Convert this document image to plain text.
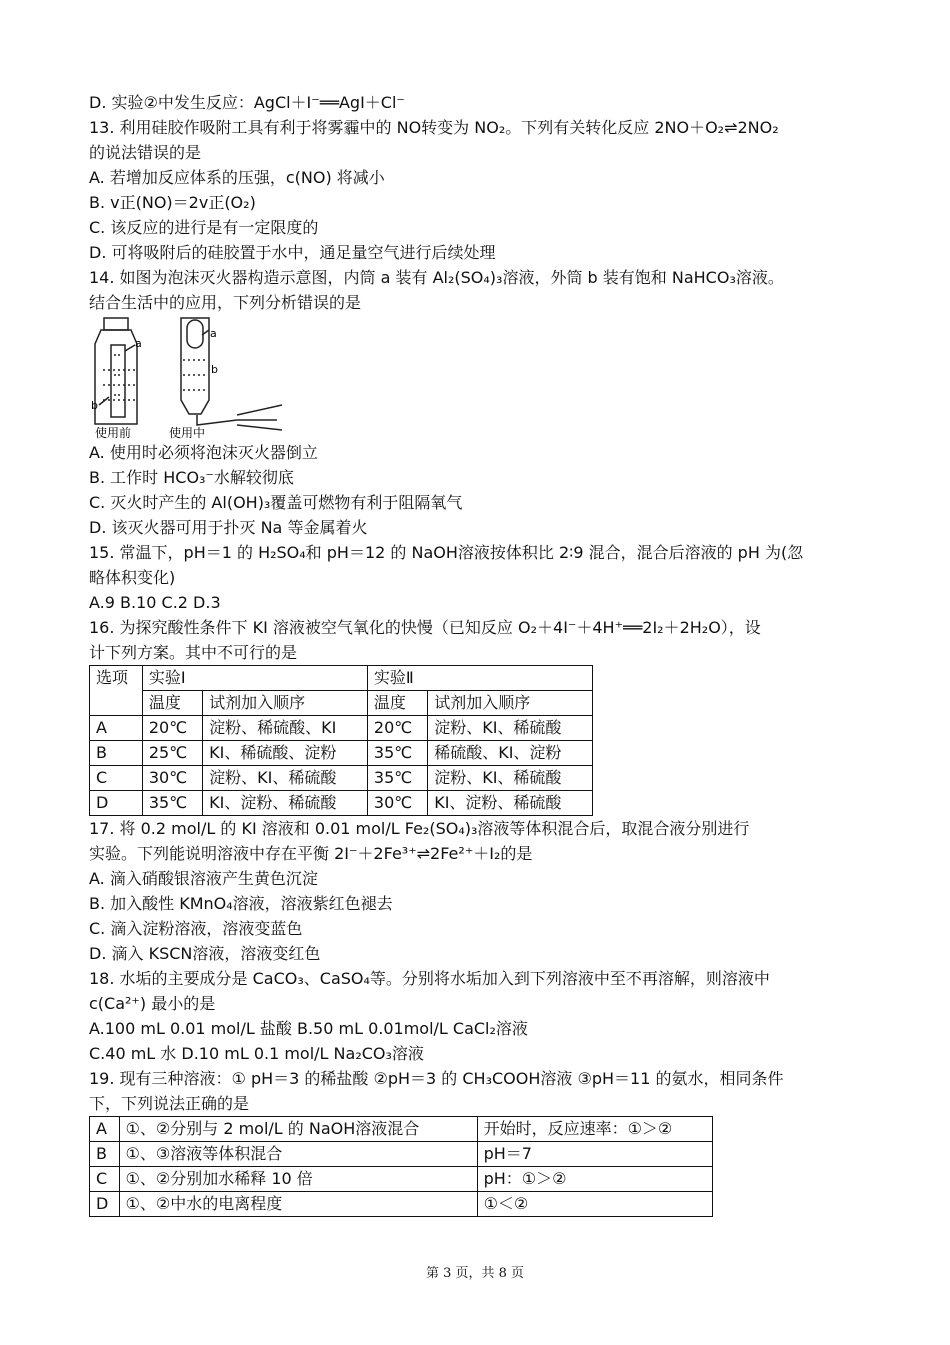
D. 实验②中发生反应：AgCl＋I⁻══AgI＋Cl⁻
13. 利用硅胶作吸附工具有利于将雾霾中的 NO转变为 NO₂。下列有关转化反应 2NO＋O₂⇌2NO₂
的说法错误的是
A. 若增加反应体系的压强，c(NO) 将减小
B. v正(NO)＝2v正(O₂)
C. 该反应的进行是有一定限度的
D. 可将吸附后的硅胶置于水中，通足量空气进行后续处理
14. 如图为泡沫灭火器构造示意图，内筒 a 装有 Al₂(SO₄)₃溶液，外筒 b 装有饱和 NaHCO₃溶液。
结合生活中的应用，下列分析错误的是
a
b
a
b
使用前	使用中
A. 使用时必须将泡沫灭火器倒立
B. 工作时 HCO₃⁻水解较彻底
C. 灭火时产生的 Al(OH)₃覆盖可燃物有利于阻隔氧气
D. 该灭火器可用于扑灭 Na 等金属着火
15. 常温下，pH＝1 的 H₂SO₄和 pH＝12 的 NaOH溶液按体积比 2∶9 混合，混合后溶液的 pH 为(忽
略体积变化)
A.9 B.10 C.2 D.3
16. 为探究酸性条件下 KI 溶液被空气氧化的快慢（已知反应 O₂＋4I⁻＋4H⁺══2I₂＋2H₂O），设
计下列方案。其中不可行的是
选项	实验Ⅰ		实验Ⅱ	
	温度	试剂加入顺序	温度	试剂加入顺序
A	20℃	淀粉、稀硫酸、KI	20℃	淀粉、KI、稀硫酸
B	25℃	KI、稀硫酸、淀粉	35℃	稀硫酸、KI、淀粉
C	30℃	淀粉、KI、稀硫酸	35℃	淀粉、KI、稀硫酸
D	35℃	KI、淀粉、稀硫酸	30℃	KI、淀粉、稀硫酸
17. 将 0.2 mol/L 的 KI 溶液和 0.01 mol/L Fe₂(SO₄)₃溶液等体积混合后，取混合液分别进行
实验。下列能说明溶液中存在平衡 2I⁻＋2Fe³⁺⇌2Fe²⁺＋I₂的是
A. 滴入硝酸银溶液产生黄色沉淀
B. 加入酸性 KMnO₄溶液，溶液紫红色褪去
C. 滴入淀粉溶液，溶液变蓝色
D. 滴入 KSCN溶液，溶液变红色
18. 水垢的主要成分是 CaCO₃、CaSO₄等。分别将水垢加入到下列溶液中至不再溶解，则溶液中
c(Ca²⁺) 最小的是
A.100 mL 0.01 mol/L 盐酸 B.50 mL 0.01mol/L CaCl₂溶液
C.40 mL 水 D.10 mL 0.1 mol/L Na₂CO₃溶液
19. 现有三种溶液：① pH＝3 的稀盐酸 ②pH＝3 的 CH₃COOH溶液 ③pH＝11 的氨水，相同条件
下，下列说法正确的是
A	①、②分别与 2 mol/L 的 NaOH溶液混合	开始时，反应速率：①＞②
B	①、③溶液等体积混合	pH＝7
C	①、②分别加水稀释 10 倍	pH：①＞②
D	①、②中水的电离程度	①＜②
第 3 页，共 8 页
